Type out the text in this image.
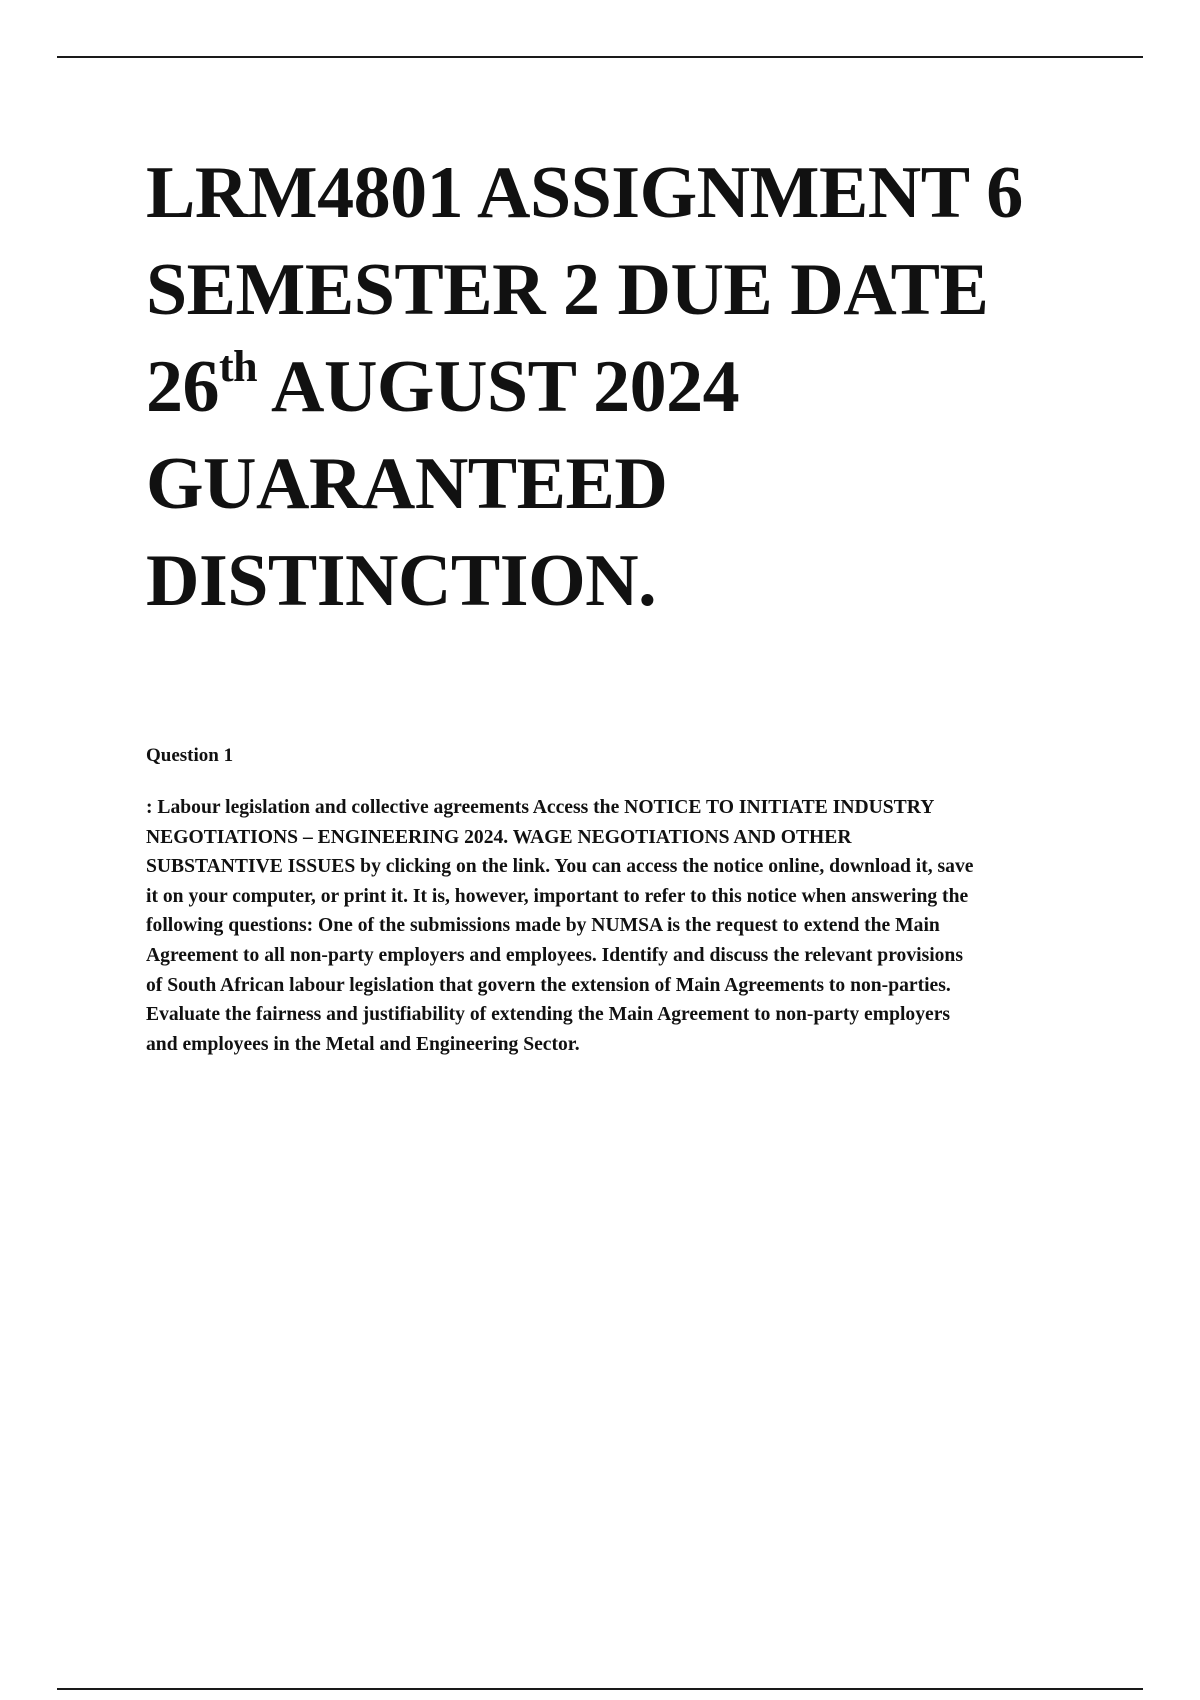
LRM4801 ASSIGNMENT 6
SEMESTER 2 DUE DATE
26th AUGUST 2024
GUARANTEED
DISTINCTION.

Question 1

: Labour legislation and collective agreements Access the NOTICE TO INITIATE INDUSTRY
NEGOTIATIONS – ENGINEERING 2024. WAGE NEGOTIATIONS AND OTHER
SUBSTANTIVE ISSUES by clicking on the link. You can access the notice online, download it, save
it on your computer, or print it. It is, however, important to refer to this notice when answering the
following questions: One of the submissions made by NUMSA is the request to extend the Main
Agreement to all non-party employers and employees. Identify and discuss the relevant provisions
of South African labour legislation that govern the extension of Main Agreements to non-parties.
Evaluate the fairness and justifiability of extending the Main Agreement to non-party employers
and employees in the Metal and Engineering Sector.
